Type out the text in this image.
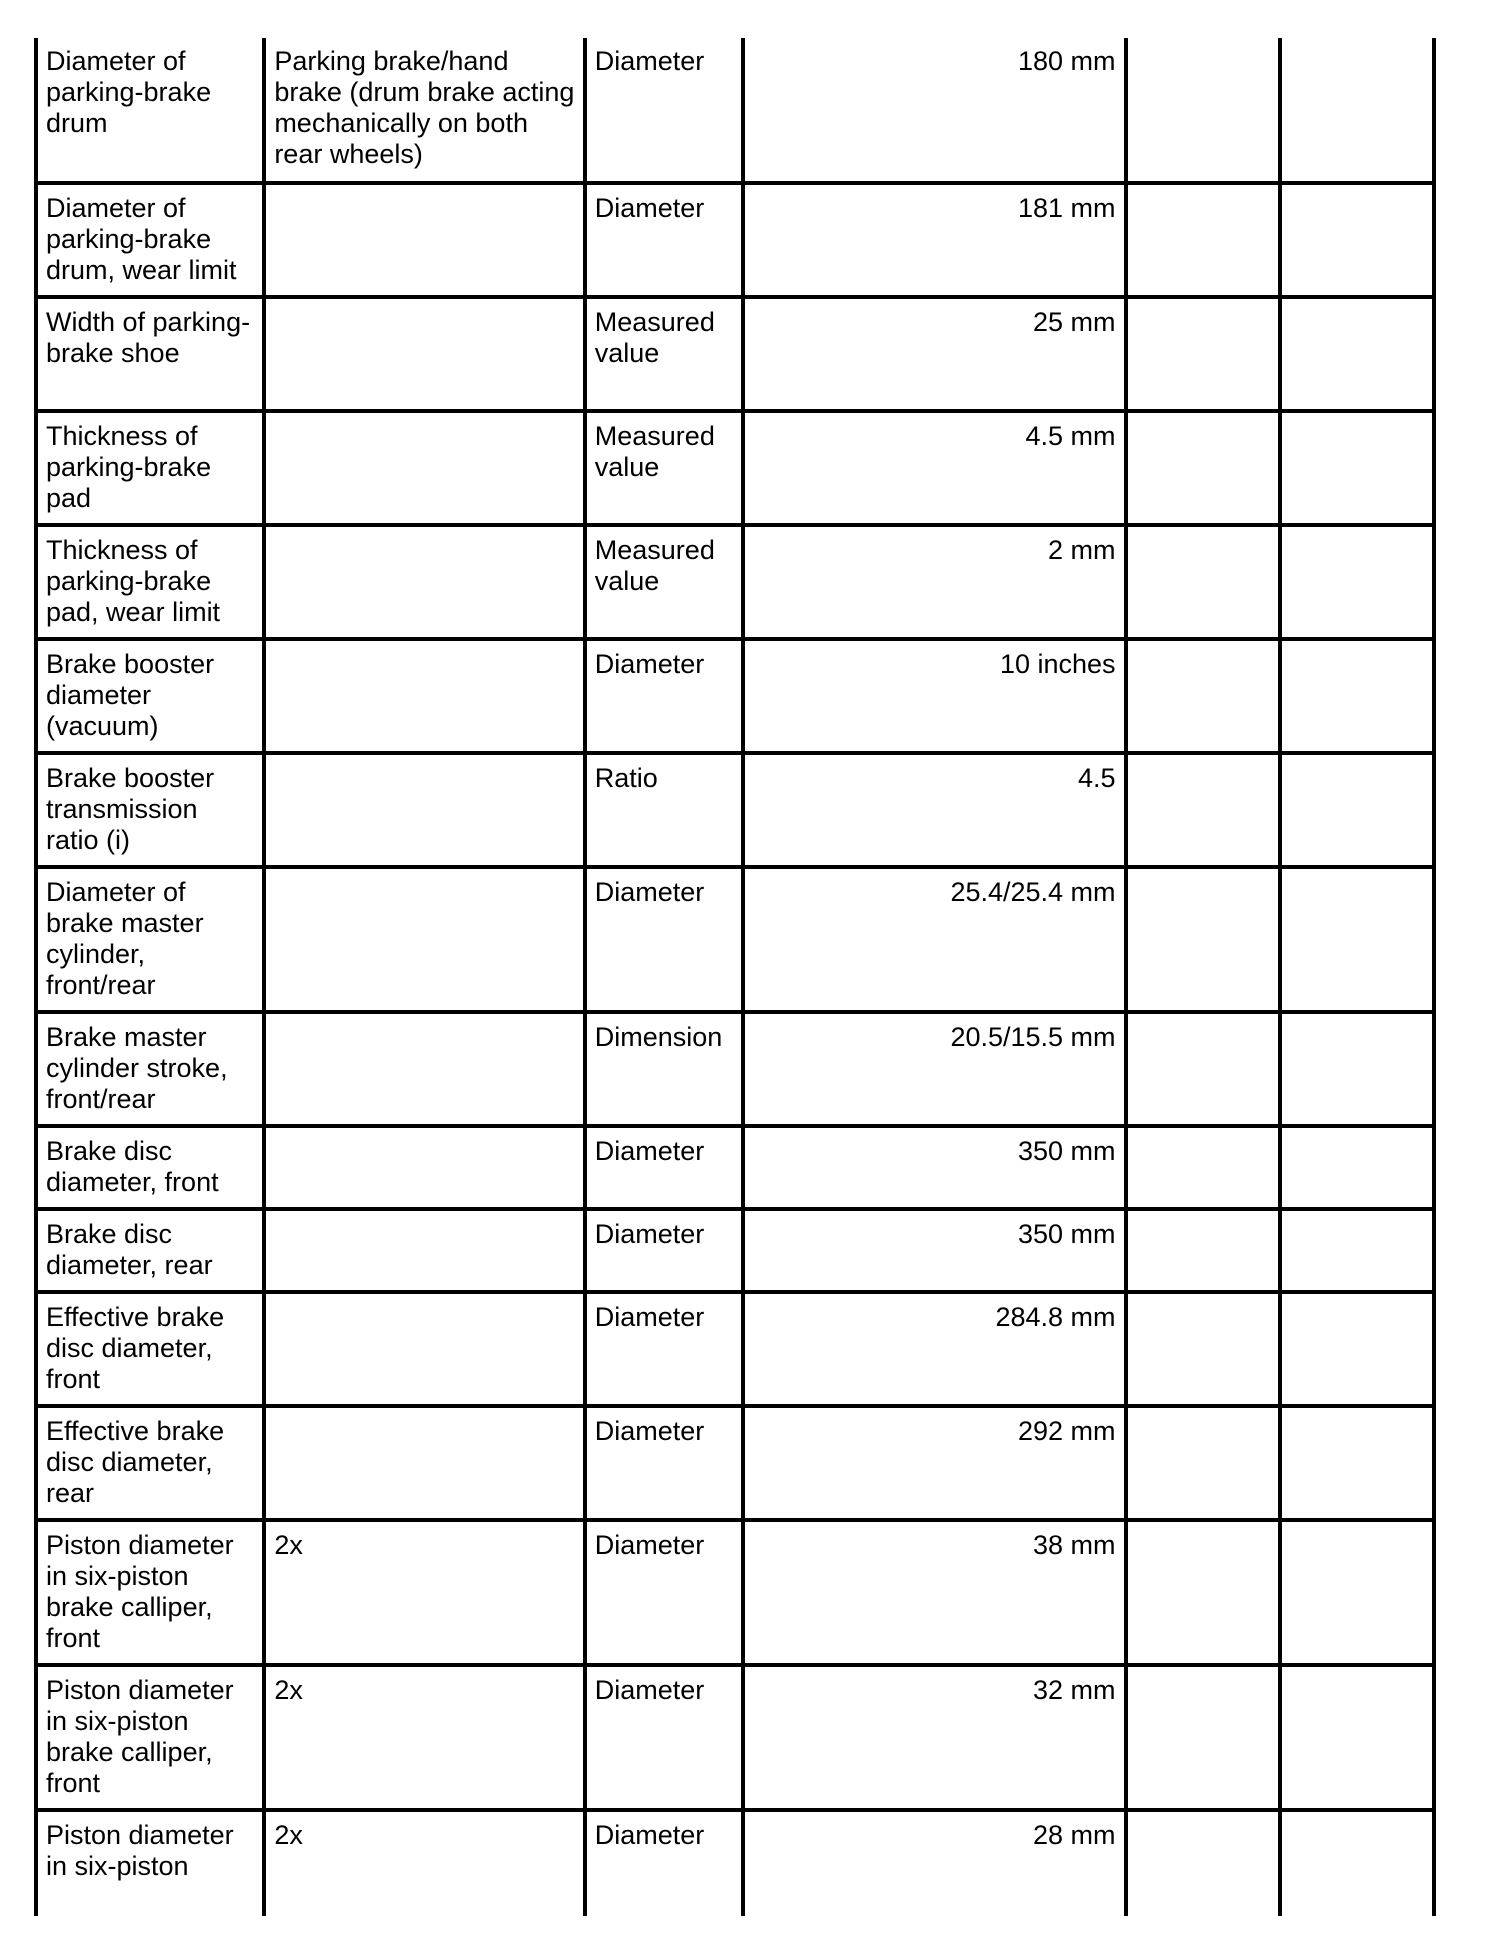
Diameter of parking-brake drum	Parking brake/hand brake (drum brake acting mechanically on both rear wheels)	Diameter	180 mm		
Diameter of parking-brake drum, wear limit		Diameter	181 mm		
Width of parking-brake shoe		Measured value	25 mm		
Thickness of parking-brake pad		Measured value	4.5 mm		
Thickness of parking-brake pad, wear limit		Measured value	2 mm		
Brake booster diameter (vacuum)		Diameter	10 inches		
Brake booster transmission ratio (i)		Ratio	4.5		
Diameter of brake master cylinder, front/rear		Diameter	25.4/25.4 mm		
Brake master cylinder stroke, front/rear		Dimension	20.5/15.5 mm		
Brake disc diameter, front		Diameter	350 mm		
Brake disc diameter, rear		Diameter	350 mm		
Effective brake disc diameter, front		Diameter	284.8 mm		
Effective brake disc diameter, rear		Diameter	292 mm		
Piston diameter in six-piston brake calliper, front	2x	Diameter	38 mm		
Piston diameter in six-piston brake calliper, front	2x	Diameter	32 mm		
Piston diameter in six-piston	2x	Diameter	28 mm		
